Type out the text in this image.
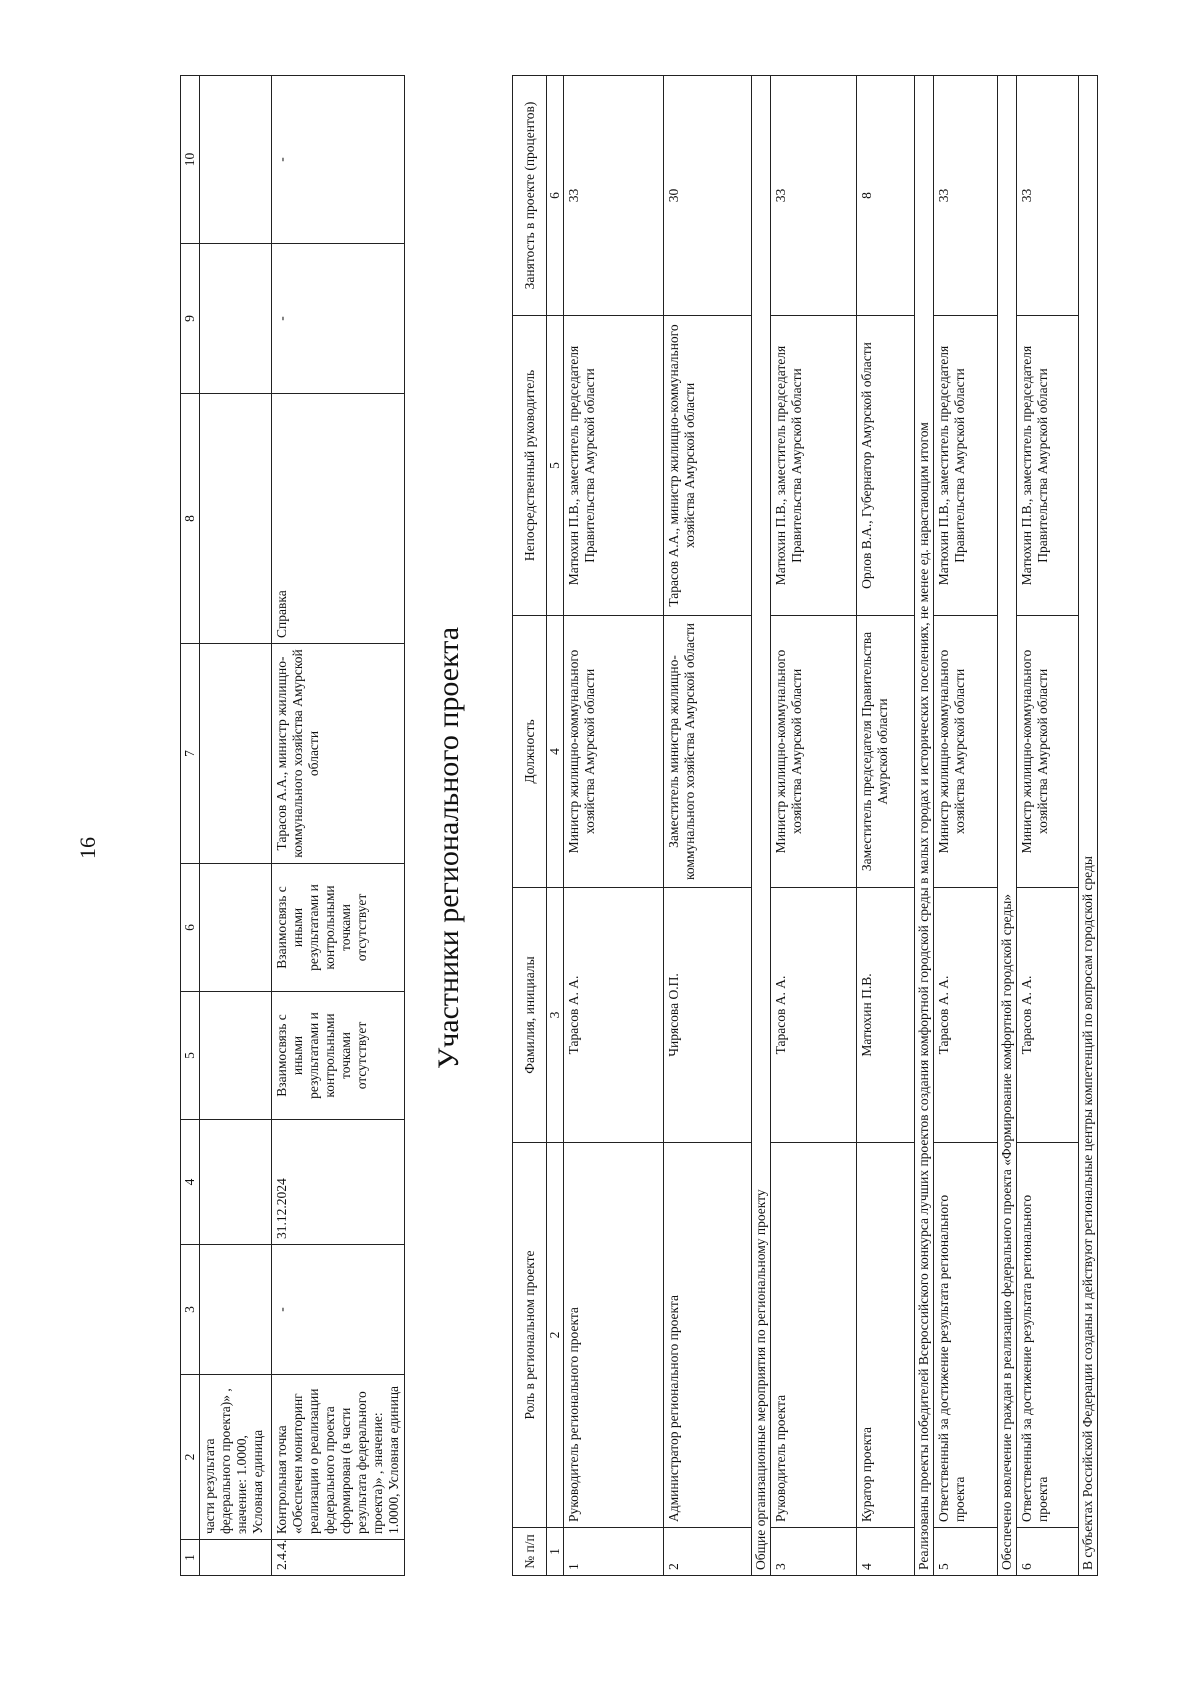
16
1	2	3	4	5	6	7	8	9	10
	части результата федерального проекта)» , значение: 1.0000, Условная единица								
2.4.4.	Контрольная точка «Обеспечен мониторинг реализации о реализации федерального проекта сформирован (в части результата федерального проекта)» , значение: 1.0000, Условная единица	-	31.12.2024	Взаимосвязь с иными результатами и контрольными точками отсутствует	Взаимосвязь с иными результатами и контрольными точками отсутствует	Тарасов А.А., министр жилищно-коммунального хозяйства Амурской области	Справка	-	-
Участники регионального проекта
№ п/п	Роль в региональном проекте	Фамилия, инициалы	Должность	Непосредственный руководитель	Занятость в проекте (процентов)
1	2	3	4	5	6
1	Руководитель регионального проекта	Тарасов А. А.	Министр жилищно-коммунального хозяйства Амурской области	Матюхин П.В., заместитель председателя Правительства Амурской области	33
2	Администратор регионального проекта	Чирясова О.П.	Заместитель министра жилищно-коммунального хозяйства Амурской области	Тарасов А.А., министр жилищно-коммунального хозяйства Амурской области	30
Общие организационные мероприятия по региональному проекту					
3	Руководитель проекта	Тарасов А. А.	Министр жилищно-коммунального хозяйства Амурской области	Матюхин П.В., заместитель председателя Правительства Амурской области	33
4	Куратор проекта	Матюхин П.В.	Заместитель председателя Правительства Амурской области	Орлов В.А., Губернатор Амурской области	8
Реализованы проекты победителей Всероссийского конкурса лучших проектов создания комфортной городской среды в малых городах и исторических поселениях, не менее ед. нарастающим итогом					
5	Ответственный за достижение результата регионального проекта	Тарасов А. А.	Министр жилищно-коммунального хозяйства Амурской области	Матюхин П.В., заместитель председателя Правительства Амурской области	33
Обеспечено вовлечение граждан в реализацию федерального проекта «Формирование комфортной городской среды»					
6	Ответственный за достижение результата регионального проекта	Тарасов А. А.	Министр жилищно-коммунального хозяйства Амурской области	Матюхин П.В., заместитель председателя Правительства Амурской области	33
В субъектах Российской Федерации созданы и действуют региональные центры компетенций по вопросам городской среды					
